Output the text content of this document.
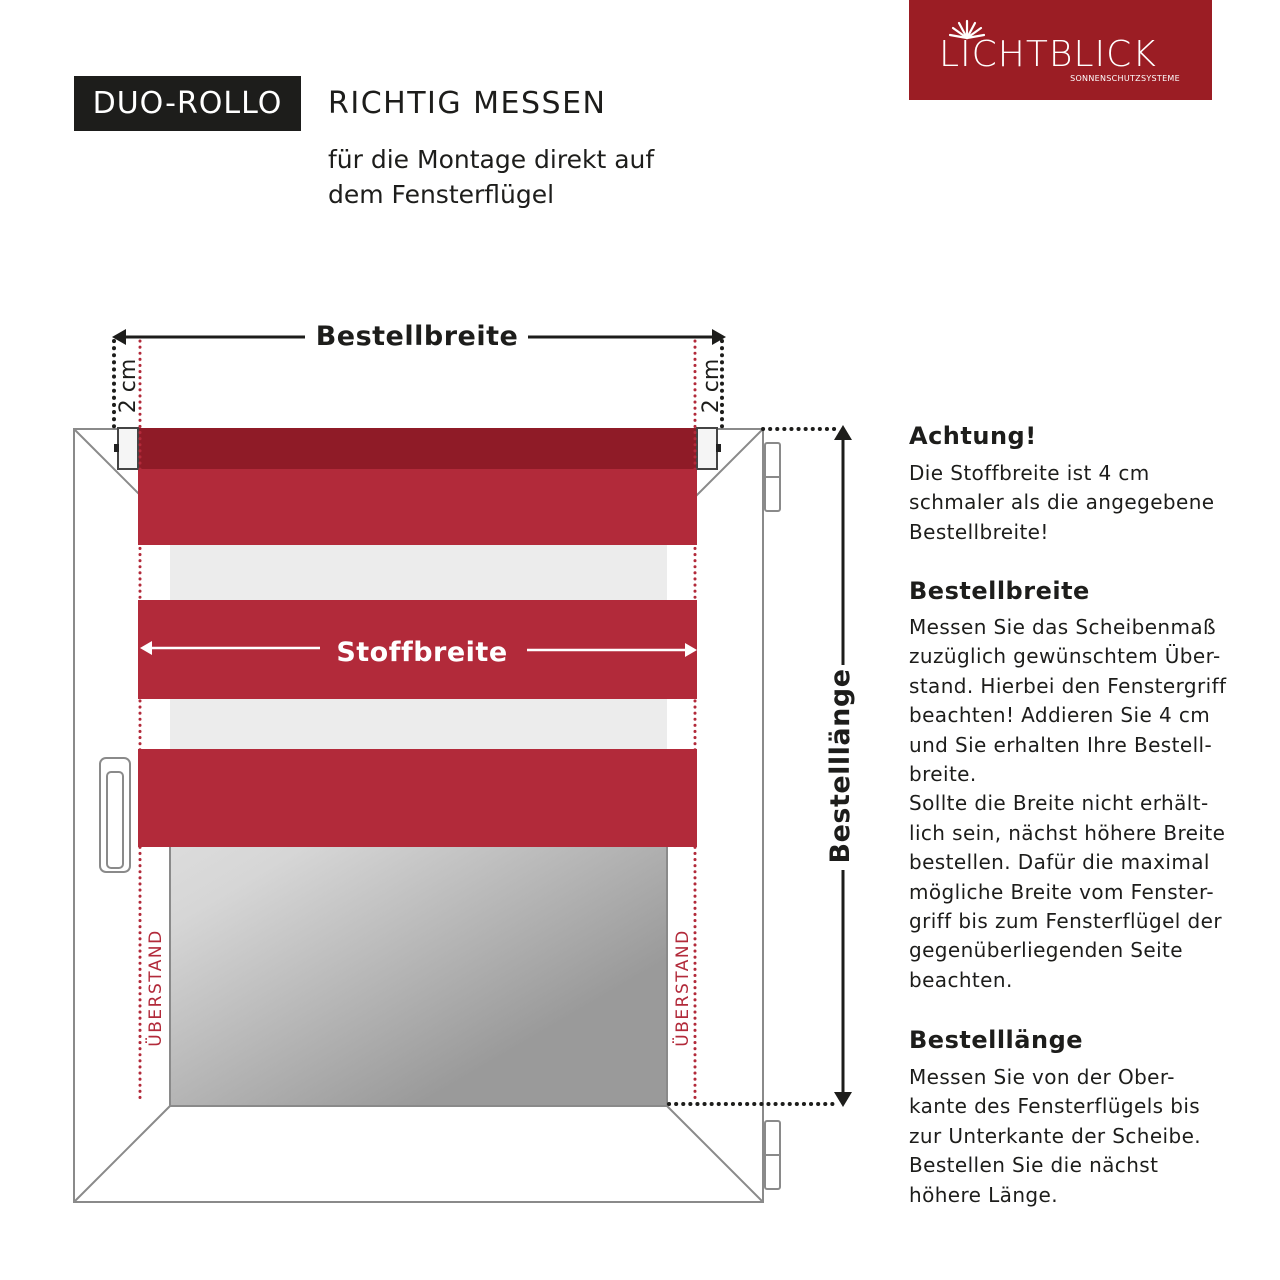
DUO-ROLLO	RICHTIG MESSEN
für die Montage direkt auf
dem Fensterflügel
LICHTBLICK
SONNENSCHUTZSYSTEME
Bestellbreite
2 cm	2 cm
ÜBERSTAND	ÜBERSTAND
Stoffbreite
Bestelllänge
Achtung!

Die Stoffbreite ist 4 cm
schmaler als die angegebene
Bestellbreite!

Bestellbreite

Messen Sie das Scheibenmaß
zuzüglich gewünschtem Über-
stand. Hierbei den Fenstergriff
beachten! Addieren Sie 4 cm
und Sie erhalten Ihre Bestell-
breite.
Sollte die Breite nicht erhält-
lich sein, nächst höhere Breite
bestellen. Dafür die maximal
mögliche Breite vom Fenster-
griff bis zum Fensterflügel der
gegenüberliegenden Seite
beachten.

Bestelllänge

Messen Sie von der Ober-
kante des Fensterflügels bis
zur Unterkante der Scheibe.
Bestellen Sie die nächst
höhere Länge.
